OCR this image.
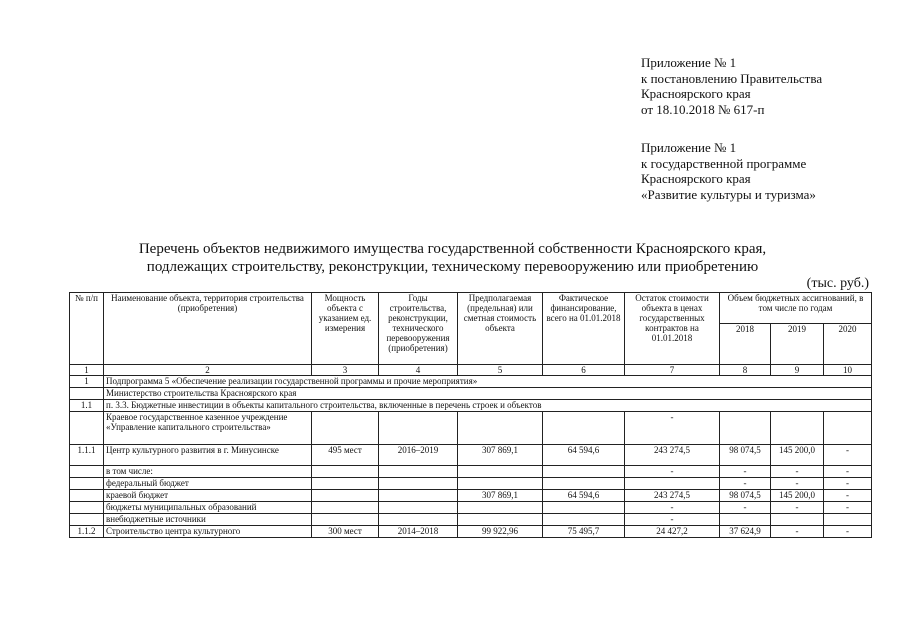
Приложение № 1
к постановлению Правительства
Красноярского края
от 18.10.2018 № 617-п
Приложение № 1
к государственной программе
Красноярского края
«Развитие культуры и туризма»
Перечень объектов недвижимого имущества государственной собственности Красноярского края,
подлежащих строительству, реконструкции, техническому перевооружению или приобретению
(тыс. руб.)
№ п/п	Наименование объекта, территория строительства (приобретения)	Мощность объекта с указанием ед. измерения	Годы строительства, реконструкции, технического перевооружения (приобретения)	Предполагаемая (предельная) или сметная стоимость объекта	Фактическое финансирование, всего на 01.01.2018	Остаток стоимости объекта в ценах государственных контрактов на 01.01.2018	Объем бюджетных ассигнований, в том числе по годам		
							2018	2019	2020
1	2	3	4	5	6	7	8	9	10
1	Подпрограмма 5 «Обеспечение реализации государственной программы и прочие мероприятия»								
	Министерство строительства Красноярского края								
1.1	п. 3.3. Бюджетные инвестиции в объекты капитального строительства, включенные в перечень строек и объектов								
	Краевое государственное казенное учреждение «Управление капитального строительства»					-			
1.1.1	Центр культурного развития в г. Минусинске	495 мест	2016–2019	307 869,1	64 594,6	243 274,5	98 074,5	145 200,0	-
	в том числе:					-	-	-	-
	федеральный бюджет						-	-	-
	краевой бюджет			307 869,1	64 594,6	243 274,5	98 074,5	145 200,0	-
	бюджеты муниципальных образований					-	-	-	-
	внебюджетные источники					-			
1.1.2	Строительство центра культурного	300 мест	2014–2018	99 922,96	75 495,7	24 427,2	37 624,9	-	-
